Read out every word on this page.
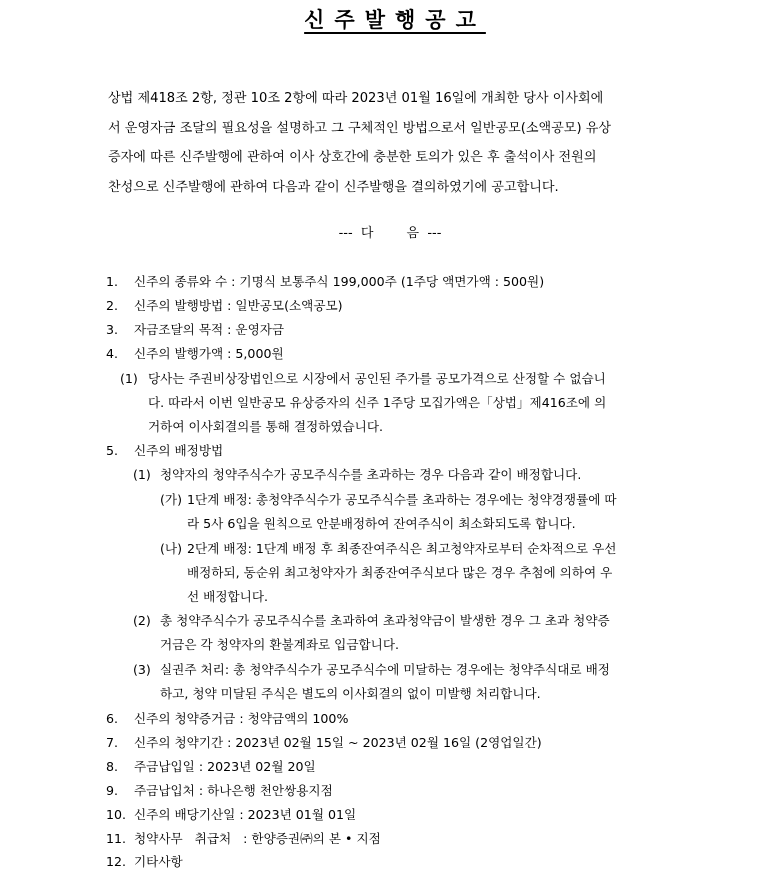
신주발행공고
상법 제418조 2항, 정관 10조 2항에 따라 2023년 01월 16일에 개최한 당사 이사회에
서 운영자금 조달의 필요성을 설명하고 그 구체적인 방법으로서 일반공모(소액공모) 유상
증자에 따른 신주발행에 관하여 이사 상호간에 충분한 토의가 있은 후 출석이사 전원의
찬성으로 신주발행에 관하여 다음과 같이 신주발행을 결의하였기에 공고합니다.
---  다        음  ---
1. 신주의 종류와 수 : 기명식 보통주식 199,000주 (1주당 액면가액 : 500원)
2. 신주의 발행방법 : 일반공모(소액공모)
3. 자금조달의 목적 : 운영자금
4. 신주의 발행가액 : 5,000원
(1) 당사는 주권비상장법인으로 시장에서 공인된 주가를 공모가격으로 산정할 수 없습니
다. 따라서 이번 일반공모 유상증자의 신주 1주당 모집가액은「상법」제416조에 의
거하여 이사회결의를 통해 결정하였습니다.
5. 신주의 배정방법
(1) 청약자의 청약주식수가 공모주식수를 초과하는 경우 다음과 같이 배정합니다.
(가) 1단계 배정: 총청약주식수가 공모주식수를 초과하는 경우에는 청약경쟁률에 따
라 5사 6입을 원칙으로 안분배정하여 잔여주식이 최소화되도록 합니다.
(나) 2단계 배정: 1단계 배정 후 최종잔여주식은 최고청약자로부터 순차적으로 우선
배정하되, 동순위 최고청약자가 최종잔여주식보다 많은 경우 추첨에 의하여 우
선 배정합니다.
(2) 총 청약주식수가 공모주식수를 초과하여 초과청약금이 발생한 경우 그 초과 청약증
거금은 각 청약자의 환불계좌로 입금합니다.
(3) 실권주 처리: 총 청약주식수가 공모주식수에 미달하는 경우에는 청약주식대로 배정
하고, 청약 미달된 주식은 별도의 이사회결의 없이 미발행 처리합니다.
6. 신주의 청약증거금 : 청약금액의 100%
7. 신주의 청약기간 : 2023년 02월 15일 ~ 2023년 02월 16일 (2영업일간)
8. 주금납입일 : 2023년 02월 20일
9. 주금납입처 : 하나은행 천안쌍용지점
10. 신주의 배당기산일 : 2023년 01월 01일
11. 청약사무   취급처   : 한양증권㈜의 본 • 지점
12. 기타사항
